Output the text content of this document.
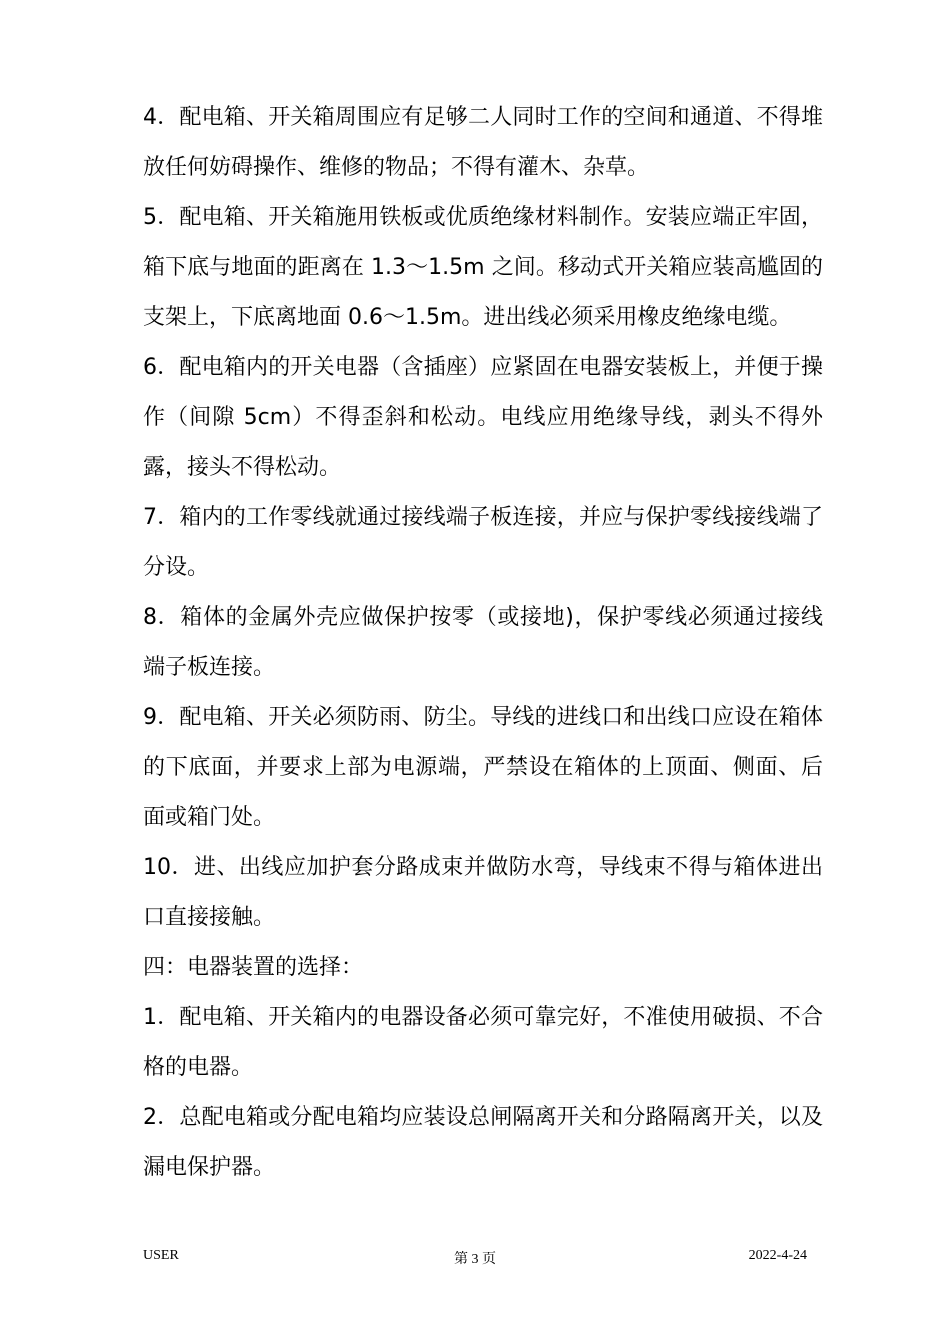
4．配电箱、开关箱周围应有足够二人同时工作的空间和通道、不得堆放任何妨碍操作、维修的物品；不得有灌木、杂草。

5．配电箱、开关箱施用铁板或优质绝缘材料制作。安装应端正牢固，箱下底与地面的距离在 1.3～1.5m 之间。移动式开关箱应装高尴固的支架上，下底离地面 0.6～1.5m。进出线必须采用橡皮绝缘电缆。

6．配电箱内的开关电器（含插座）应紧固在电器安装板上，并便于操作（间隙 5cm）不得歪斜和松动。电线应用绝缘导线，剥头不得外露，接头不得松动。

7．箱内的工作零线就通过接线端子板连接，并应与保护零线接线端了分设。

8．箱体的金属外壳应做保护按零（或接地)，保护零线必须通过接线端子板连接。

9．配电箱、开关必须防雨、防尘。导线的进线口和出线口应设在箱体的下底面，并要求上部为电源端，严禁设在箱体的上顶面、侧面、后面或箱门处。

10．进、出线应加护套分路成束并做防水弯，导线束不得与箱体进出口直接接触。

四：电器装置的选择：

1．配电箱、开关箱内的电器设备必须可靠完好，不准使用破损、不合格的电器。

2．总配电箱或分配电箱均应装设总闸隔离开关和分路隔离开关，以及漏电保护器。

USER	第 3 页	2022-4-24
